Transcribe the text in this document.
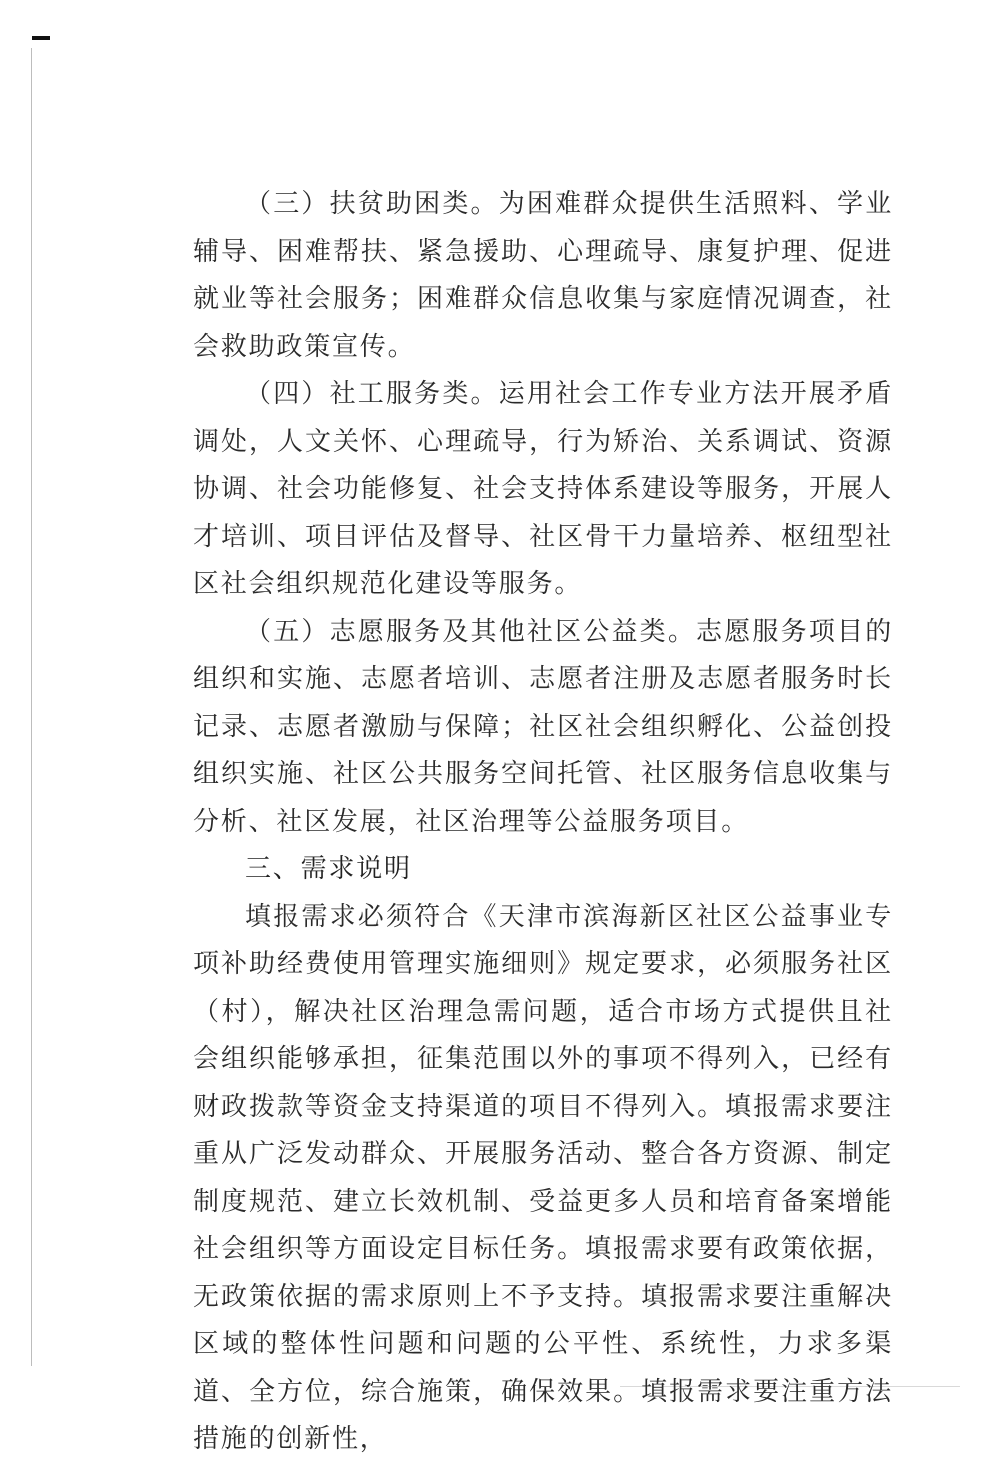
（三）扶贫助困类。为困难群众提供生活照料、学业辅导、困难帮扶、紧急援助、心理疏导、康复护理、促进就业等社会服务；困难群众信息收集与家庭情况调查，社会救助政策宣传。

（四）社工服务类。运用社会工作专业方法开展矛盾调处，人文关怀、心理疏导，行为矫治、关系调试、资源协调、社会功能修复、社会支持体系建设等服务，开展人才培训、项目评估及督导、社区骨干力量培养、枢纽型社区社会组织规范化建设等服务。

（五）志愿服务及其他社区公益类。志愿服务项目的组织和实施、志愿者培训、志愿者注册及志愿者服务时长记录、志愿者激励与保障；社区社会组织孵化、公益创投组织实施、社区公共服务空间托管、社区服务信息收集与分析、社区发展，社区治理等公益服务项目。

三、需求说明

填报需求必须符合《天津市滨海新区社区公益事业专项补助经费使用管理实施细则》规定要求，必须服务社区（村），解决社区治理急需问题，适合市场方式提供且社会组织能够承担，征集范围以外的事项不得列入，已经有财政拨款等资金支持渠道的项目不得列入。填报需求要注重从广泛发动群众、开展服务活动、整合各方资源、制定制度规范、建立长效机制、受益更多人员和培育备案增能社会组织等方面设定目标任务。填报需求要有政策依据，无政策依据的需求原则上不予支持。填报需求要注重解决区域的整体性问题和问题的公平性、系统性，力求多渠道、全方位，综合施策，确保效果。填报需求要注重方法措施的创新性，
